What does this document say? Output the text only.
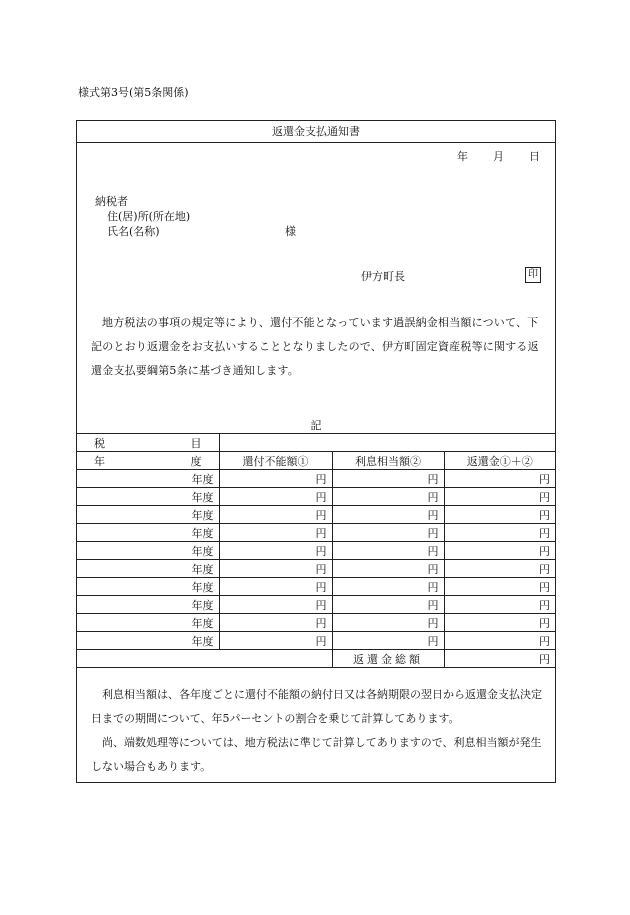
様式第3号(第5条関係)
返還金支払通知書
年 月 日
納税者
住(居)所(所在地)
氏名(名称)	様
伊方町長	印

地方税法の事項の規定等により、還付不能となっています過誤納金相当額について、下記のとおり返還金をお支払いすることとなりましたので、伊方町固定資産税等に関する返還金支払要綱第5条に基づき通知します。

記
税 目			

年 度	還付不能額①	利息相当額②	返還金①＋②
年度	円	円	円
年度	円	円	円
年度	円	円	円
年度	円	円	円
年度	円	円	円
年度	円	円	円
年度	円	円	円
年度	円	円	円
年度	円	円	円
年度	円	円	円
		返還金総額	円

利息相当額は、各年度ごとに還付不能額の納付日又は各納期限の翌日から返還金支払決定日までの期間について、年5パーセントの割合を乗じて計算してあります。

尚、端数処理等については、地方税法に準じて計算してありますので、利息相当額が発生しない場合もあります。
